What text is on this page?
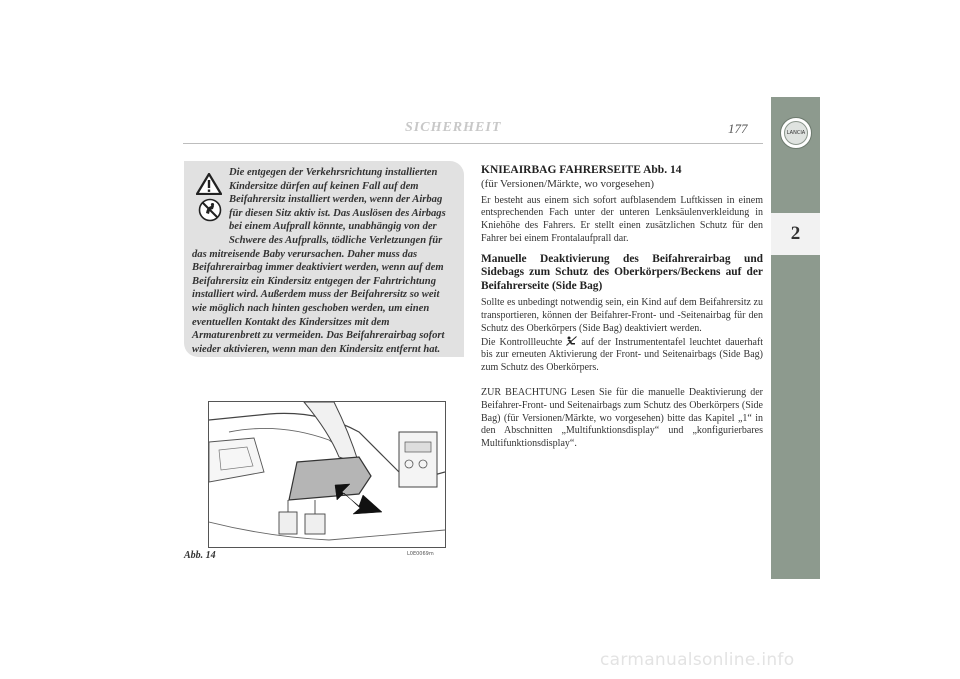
SICHERHEIT	177	LANCIA
2

Die entgegen der Verkehrsrichtung installierten Kindersitze dürfen auf keinen Fall auf dem Beifahrersitz installiert werden, wenn der Airbag für diesen Sitz aktiv ist. Das Auslösen des Airbags bei einem Aufprall könnte, unabhängig von der Schwere des Aufpralls, tödliche Verletzungen für das mitreisende Baby verursachen. Daher muss das Beifahrerairbag immer deaktiviert werden, wenn auf dem Beifahrersitz ein Kindersitz entgegen der Fahrtrichtung installiert wird. Außerdem muss der Beifahrersitz so weit wie möglich nach hinten geschoben werden, um einen eventuellen Kontakt des Kindersitzes mit dem Armaturenbrett zu vermeiden. Das Beifahrerairbag sofort wieder aktivieren, wenn man den Kindersitz entfernt hat.

Abb. 14	L0E0069m
KNIEAIRBAG FAHRERSEITE Abb. 14
(für Versionen/Märkte, wo vorgesehen)

Er besteht aus einem sich sofort aufblasendem Luftkissen in einem entsprechenden Fach unter der unteren Lenksäulenverkleidung in Kniehöhe des Fahrers. Er stellt einen zusätzlichen Schutz für den Fahrer bei einem Frontalaufprall dar.

Manuelle Deaktivierung des Beifahrerairbag und Sidebags zum Schutz des Oberkörpers/Beckens auf der Beifahrerseite (Side Bag)

Sollte es unbedingt notwendig sein, ein Kind auf dem Beifahrersitz zu transportieren, können der Beifahrer-Front- und -Seitenairbag für den Schutz des Oberkörpers (Side Bag) deaktiviert werden.

Die Kontrollleuchte auf der Instrumententafel leuchtet dauerhaft bis zur erneuten Aktivierung der Front- und Seitenairbags (Side Bag) zum Schutz des Oberkörpers.

ZUR BEACHTUNG Lesen Sie für die manuelle Deaktivierung der Beifahrer-Front- und Seitenairbags zum Schutz des Oberkörpers (Side Bag) (für Versionen/Märkte, wo vorgesehen) bitte das Kapitel „1“ in den Abschnitten „Multifunktionsdisplay“ und „konfigurierbares Multifunktionsdisplay“.

carmanualsonline.info
